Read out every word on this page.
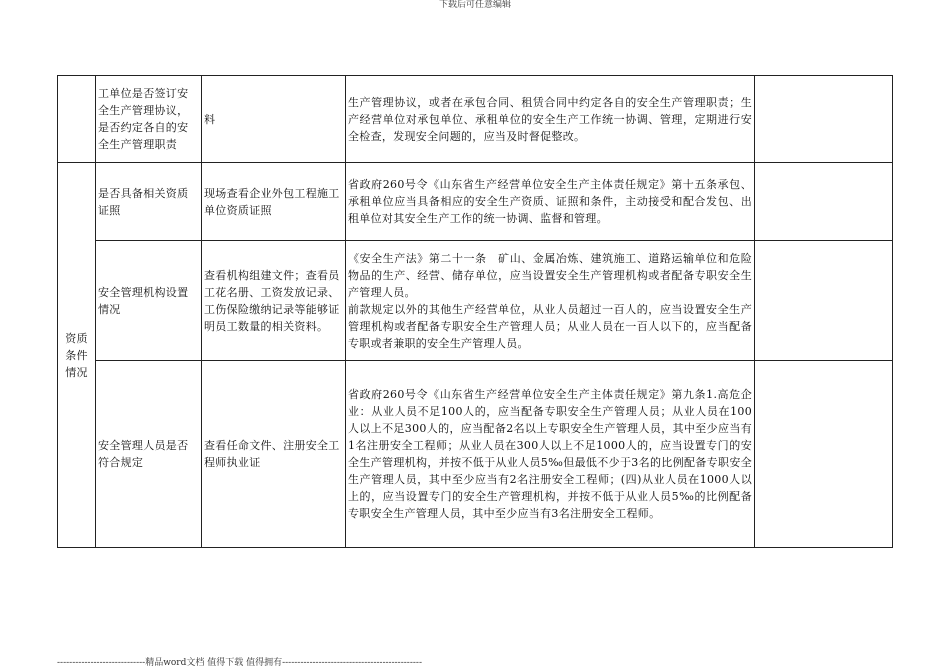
下载后可任意编辑
	工单位是否签订安全生产管理协议，是否约定各自的安全生产管理职责	料	生产管理协议，或者在承包合同、租赁合同中约定各自的安全生产管理职责；生产经营单位对承包单位、承租单位的安全生产工作统一协调、管理，定期进行安全检查，发现安全问题的，应当及时督促整改。	

资质条件情况	是否具备相关资质证照	现场查看企业外包工程施工单位资质证照	省政府260号令《山东省生产经营单位安全生产主体责任规定》第十五条承包、承租单位应当具备相应的安全生产资质、证照和条件，主动接受和配合发包、出租单位对其安全生产工作的统一协调、监督和管理。	

	安全管理机构设置情况	查看机构组建文件；查看员工花名册、工资发放记录、工伤保险缴纳记录等能够证明员工数量的相关资料。	《安全生产法》第二十一条　矿山、金属冶炼、建筑施工、道路运输单位和危险物品的生产、经营、储存单位，应当设置安全生产管理机构或者配备专职安全生产管理人员。

前款规定以外的其他生产经营单位，从业人员超过一百人的，应当设置安全生产管理机构或者配备专职安全生产管理人员；从业人员在一百人以下的，应当配备专职或者兼职的安全生产管理人员。	

	安全管理人员是否符合规定	查看任命文件、注册安全工程师执业证	省政府260号令《山东省生产经营单位安全生产主体责任规定》第九条1.高危企业：从业人员不足100人的，应当配备专职安全生产管理人员；从业人员在100人以上不足300人的，应当配备2名以上专职安全生产管理人员，其中至少应当有1名注册安全工程师；从业人员在300人以上不足1000人的，应当设置专门的安全生产管理机构，并按不低于从业人员5‰但最低不少于3名的比例配备专职安全生产管理人员，其中至少应当有2名注册安全工程师；(四)从业人员在1000人以上的，应当设置专门的安全生产管理机构，并按不低于从业人员5‰的比例配备专职安全生产管理人员，其中至少应当有3名注册安全工程师。	

-----------------------------精品word文档 值得下载 值得拥有----------------------------------------------
